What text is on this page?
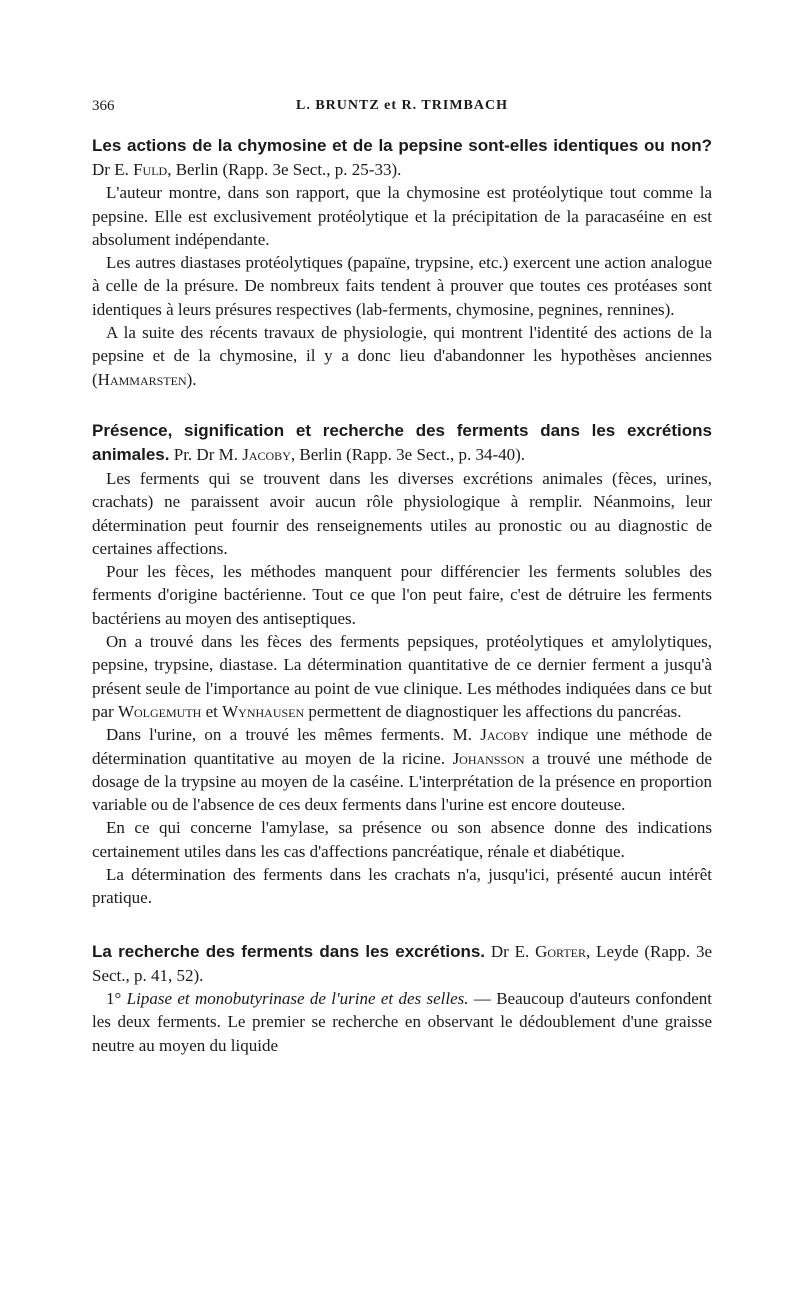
366	L. BRUNTZ et R. TRIMBACH
Les actions de la chymosine et de la pepsine sont-elles identiques ou non? Dr E. Fuld, Berlin (Rapp. 3e Sect., p. 25-33).

L'auteur montre, dans son rapport, que la chymosine est protéolytique tout comme la pepsine. Elle est exclusivement protéolytique et la précipitation de la paracaséine en est absolument indépendante.

Les autres diastases protéolytiques (papaïne, trypsine, etc.) exercent une action analogue à celle de la présure. De nombreux faits tendent à prouver que toutes ces protéases sont identiques à leurs présures respectives (lab-ferments, chymosine, pegnines, rennines).

A la suite des récents travaux de physiologie, qui montrent l'identité des actions de la pepsine et de la chymosine, il y a donc lieu d'abandonner les hypothèses anciennes (Hammarsten).

Présence, signification et recherche des ferments dans les excrétions animales. Pr. Dr M. Jacoby, Berlin (Rapp. 3e Sect., p. 34-40).

Les ferments qui se trouvent dans les diverses excrétions animales (fèces, urines, crachats) ne paraissent avoir aucun rôle physiologique à remplir. Néanmoins, leur détermination peut fournir des renseignements utiles au pronostic ou au diagnostic de certaines affections.

Pour les fèces, les méthodes manquent pour différencier les ferments solubles des ferments d'origine bactérienne. Tout ce que l'on peut faire, c'est de détruire les ferments bactériens au moyen des antiseptiques.

On a trouvé dans les fèces des ferments pepsiques, protéolytiques et amylolytiques, pepsine, trypsine, diastase. La détermination quantitative de ce dernier ferment a jusqu'à présent seule de l'importance au point de vue clinique. Les méthodes indiquées dans ce but par Wolgemuth et Wynhausen permettent de diagnostiquer les affections du pancréas.

Dans l'urine, on a trouvé les mêmes ferments. M. Jacoby indique une méthode de détermination quantitative au moyen de la ricine. Johansson a trouvé une méthode de dosage de la trypsine au moyen de la caséine. L'interprétation de la présence en proportion variable ou de l'absence de ces deux ferments dans l'urine est encore douteuse.

En ce qui concerne l'amylase, sa présence ou son absence donne des indications certainement utiles dans les cas d'affections pancréatique, rénale et diabétique.

La détermination des ferments dans les crachats n'a, jusqu'ici, présenté aucun intérêt pratique.

La recherche des ferments dans les excrétions. Dr E. Gorter, Leyde (Rapp. 3e Sect., p. 41, 52).

1° Lipase et monobutyrinase de l'urine et des selles. — Beaucoup d'auteurs confondent les deux ferments. Le premier se recherche en observant le dédoublement d'une graisse neutre au moyen du liquide
